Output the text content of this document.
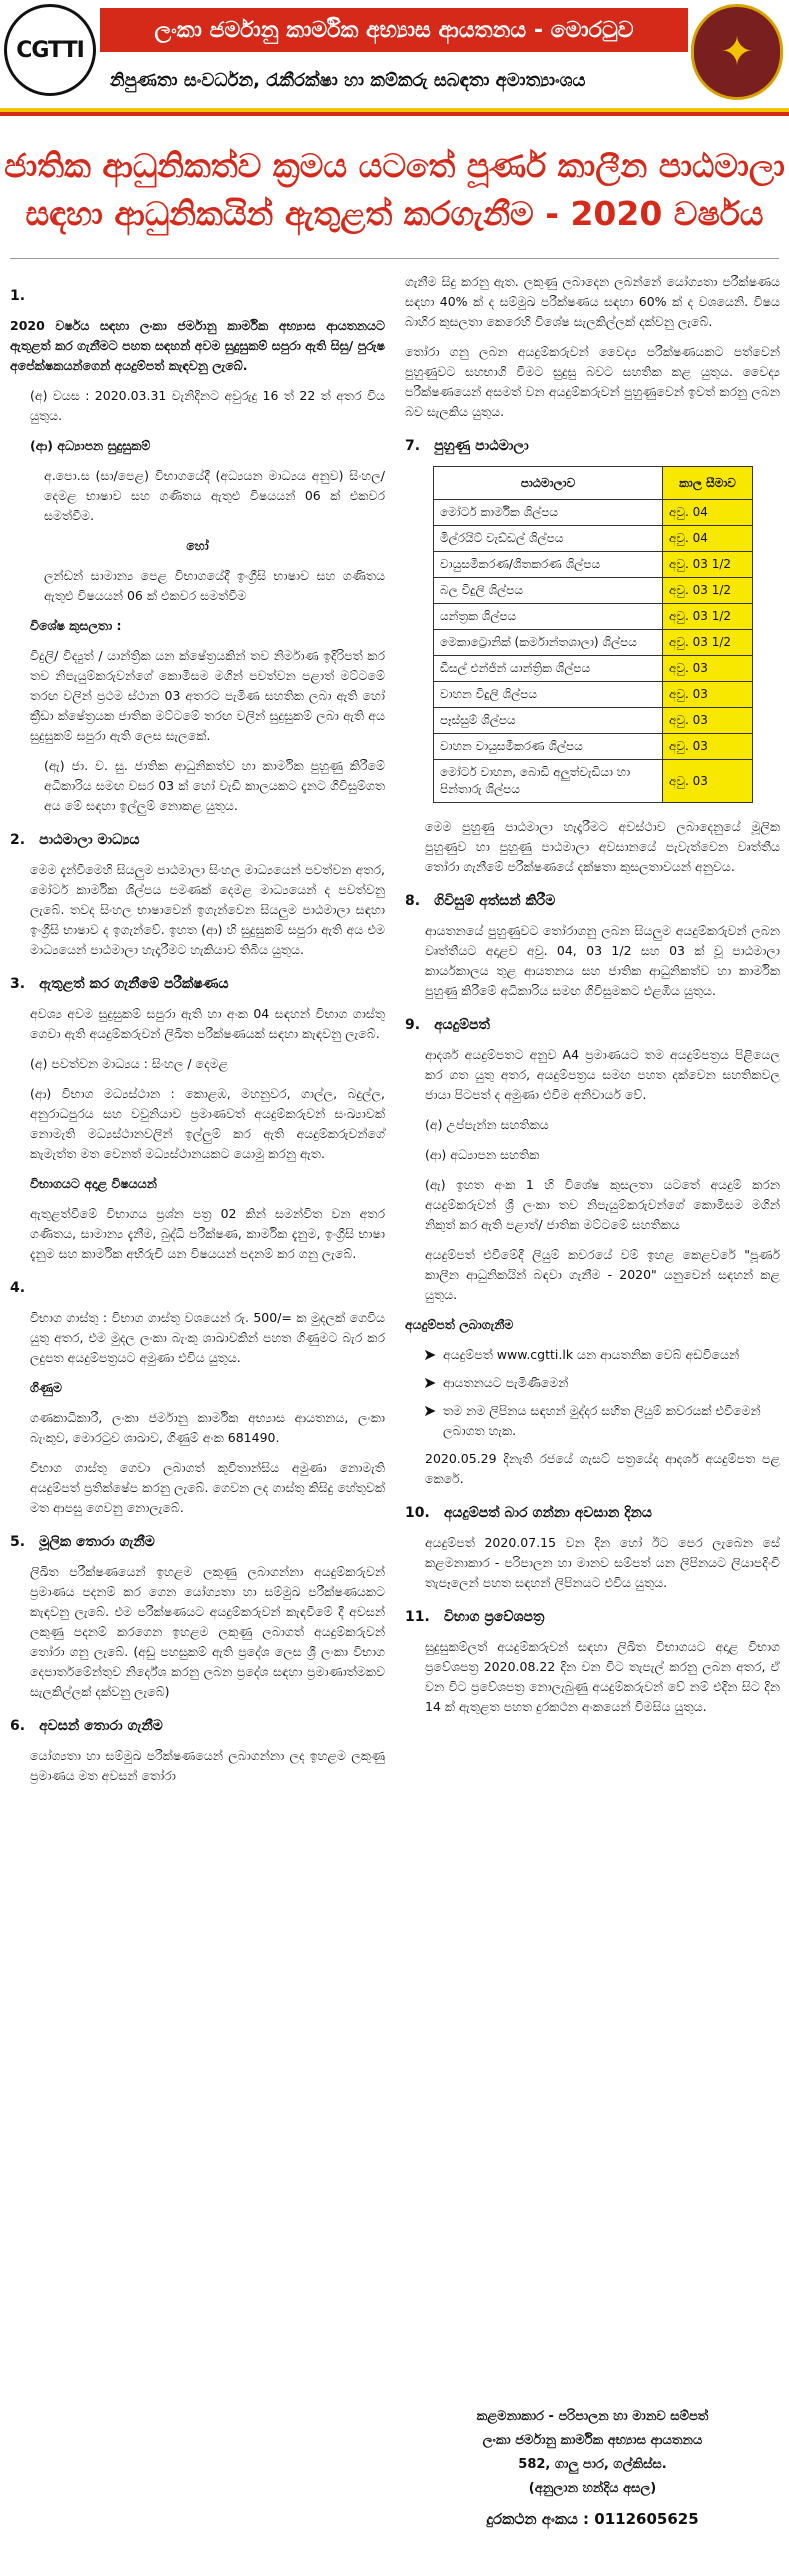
CGTTI
ලංකා ජර්මානු කාර්මික අභ්‍යාස ආයතනය - මොරටුව
නිපුණතා සංවර්ධන, රැකීරක්ෂා හා කම්කරු සබඳතා අමාත්‍යාංශය
✦
ජාතික ආධුනිකත්ව ක්‍රමය යටතේ පූර්ණ කාලීන පාඨමාලා
සඳහා ආධුනිකයින් ඇතුළත් කරගැනීම - 2020 වර්ෂය
1.

2020 වර්ෂය සඳහා ලංකා ජර්මානු කාර්මික අභ්‍යාස ආයතනයට ඇතුළත් කර ගැනීමට පහත සඳහන් අවම සුදුසුකම් සපුරා ඇති සිසු/ පුරුෂ අපේක්ෂකයන්ගෙන් අයදුම්පත් කැඳවනු ලැබේ.

(අ) වයස : 2020.03.31 වැනිදිනට අවුරුදු 16 ත් 22 ත් අතර විය යුතුය.

(ආ) අධ්‍යාපන සුදුසුකම්

අ.පො.ස (සා/පෙළ) විභාගයේදී (අධ්‍යයන මාධ්‍යය අනුව) සිංහල/ දෙමළ භාෂාව සහ ගණිතය ඇතුළු විෂයයන් 06 ක් එකවර සමත්වීම.

හෝ

ලන්ඩන් සාමාන්‍ය පෙළ විභාගයේදී ඉංග්‍රීසි භාෂාව සහ ගණිතය ඇතුළු විෂයයන් 06 ක් එකවර සමත්වීම

විශේෂ කුසලතා :

විදුලි/ විද්‍යුත් / යාන්ත්‍රික යන ක්ෂේත්‍රයකින් තව නිර්මාණ ඉදිරිපත් කර තව නිපැයුම්කරුවන්ගේ කොමිසම මගින් පවත්වන පළාත් මට්ටමේ තරඟ වලින් ප්‍රථම ස්ථාන 03 අතරට පැමිණ සහතික ලබා ඇති හෝ ක්‍රීඩා ක්ෂේත්‍රයක ජාතික මට්ටමේ තරඟ වලින් සුදුසුකම් ලබා ඇති අය සුදුසුකම් සපුරා ඇති ලෙස සැලකේ.

(ඇ) ජා. ව. සු. ජාතික ආධුනිකත්ව හා කාර්මික පුහුණු කිරීමේ අධිකාරිය සමඟ වසර 03 ක් හෝ වැඩි කාලයකට දැනට ගිවිසුම්ගත අය මේ සඳහා ඉල්ලුම් නොකළ යුතුය.

2. පාඨමාලා මාධ්‍යය

මෙම දැන්වීමෙහි සියලුම පාඨමාලා සිංහල මාධ්‍යයෙන් පවත්වන අතර, මෝටර් කාර්මික ශිල්පය පමණක් දෙමළ මාධ්‍යයෙන් ද පවත්වනු ලැබේ. තවද සිංහල භාෂාවෙන් ඉගැන්වෙන සියලුම පාඨමාලා සඳහා ඉංග්‍රීසි භාෂාව ද ඉගැන්වේ. ඉහත (ආ) හි සුදුසුකම් සපුරා ඇති අය එම මාධ්‍යයෙන් පාඨමාලා හැදෑරීමට හැකියාව තිබිය යුතුය.

3. ඇතුළත් කර ගැනීමේ පරීක්ෂණය

අවශ්‍ය අවම සුදුසුකම් සපුරා ඇති හා අංක 04 සඳහන් විභාග ගාස්තු ගෙවා ඇති අයදුම්කරුවන් ලිඛිත පරීක්ෂණයක් සඳහා කැඳවනු ලැබේ.

(අ) පවත්වන මාධ්‍යය : සිංහල / දෙමළ

(ආ) විභාග මධ්‍යස්ථාන : කොළඹ, මහනුවර, ගාල්ල, බදුල්ල, අනුරාධපුරය සහ වවුනියාව ප්‍රමාණවත් අයදුම්කරුවන් සංඛ්‍යාවක් නොමැති මධ්‍යස්ථානවලින් ඉල්ලුම් කර ඇති අයදුම්කරුවන්ගේ කැමැත්ත මත වෙනත් මධ්‍යස්ථානයකට යොමු කරනු ඇත.

විභාගයට අදාළ විෂයයන්

ඇතුළත්වීමේ විභාගය ප්‍රශ්න පත්‍ර 02 කින් සමන්විත වන අතර ගණිතය, සාමාන්‍ය දැනීම, බුද්ධි පරීක්ෂණ, කාර්මික දැනුම, ඉංග්‍රීසි භාෂා දැනුම සහ කාර්මික අභිරුචි යන විෂයයන් පදනම් කර ගනු ලැබේ.

4.

විභාග ගාස්තු : විභාග ගාස්තු වශයෙන් රු. 500/= ක මුදලක් ගෙවිය යුතු අතර, එම මුදල ලංකා බැංකු ශාඛාවකින් පහත ගිණුමට බැර කර ලදුපත අයදුම්පත්‍රයට අමුණා එවිය යුතුය.

ගිණුම

ගණකාධිකාරී, ලංකා ජර්මානු කාර්මික අභ්‍යාස ආයතනය, ලංකා බැංකුව, මොරටුව ශාඛාව, ගිණුම් අංක 681490.

විභාග ගාස්තු ගෙවා ලබාගත් කුවිතාන්සිය අමුණා නොමැති අයදුම්පත් ප්‍රතික්ෂේප කරනු ලැබේ. ගෙවන ලද ගාස්තු කිසිදු හේතුවක් මත ආපසු ගෙවනු නොලැබේ.

5. මූලික තොරා ගැනීම

ලිඛිත පරීක්ෂණයෙන් ඉහළම ලකුණු ලබාගන්නා අයදුම්කරුවන් ප්‍රමාණය පදනම් කර ගෙන යෝග්‍යතා හා සම්මුඛ පරීක්ෂණයකට කැඳවනු ලැබේ. එම පරීක්ෂණයට අයදුම්කරුවන් කැඳවීමේ දී අවසන් ලකුණු පදනම් කරගෙන ඉහළම ලකුණු ලබාගත් අයදුම්කරුවන් තෝරා ගනු ලැබේ. (අඩු පහසුකම් ඇති ප්‍රදේශ ලෙස ශ්‍රී ලංකා විභාග දෙපාර්තමේන්තුව නිර්දේශ කරනු ලබන ප්‍රදේශ සඳහා ප්‍රමාණාත්මකව සැලකිල්ලක් දක්වනු ලැබේ)

6. අවසන් තොරා ගැනීම

යෝග්‍යතා හා සම්මුඛ පරීක්ෂණයෙන් ලබාගන්නා ලද ඉහළම ලකුණු ප්‍රමාණය මත අවසන් තෝරා

ගැනීම සිදු කරනු ඇත. ලකුණු ලබාදෙන ලබන්නේ යෝග්‍යතා පරීක්ෂණය සඳහා 40% ක් ද සම්මුඛ පරීක්ෂණය සඳහා 60% ක් ද වශයෙනි. විෂය බාහිර කුසලතා කෙරෙහි විශේෂ සැලකිල්ලක් දක්වනු ලැබේ.

තෝරා ගනු ලබන අයදුම්කරුවන් වෛද්‍ය පරීක්ෂණයකට පත්වෙන් පුහුණුවට සහභාගි වීමට සුදුසු බවට සහතික කළ යුතුය. වෛද්‍ය පරීක්ෂණයෙන් අසමත් වන අයදුම්කරුවන් පුහුණුවෙන් ඉවත් කරනු ලබන බව සැලකිය යුතුය.

7. පුහුණු පාඨමාලා
පාඨමාලාව	කාල සීමාව
මෝටර් කාර්මික ශිල්පය	අවු. 04
මිල්රයිට් වැඩ්ඩල් ශිල්පය	අවු. 04
වායුසමීකරණ/ශීතකරණ ශිල්පය	අවු. 03 1/2
බල විදුලි ශිල්පය	අවු. 03 1/2
යන්ත්‍රක ශිල්පය	අවු. 03 1/2
මෙකාට්‍රොනික් (කර්මාන්තශාලා) ශිල්පය	අවු. 03 1/2
ඩීසල් එන්ජින් යාන්ත්‍රික ශිල්පය	අවු. 03
වාහන විදුලි ශිල්පය	අවු. 03
පෑස්සුම් ශිල්පය	අවු. 03
වාහන වායුසමීකරණ ශිල්පය	අවු. 03
මෝටර් වාහන, බොඩි අලුත්වැඩියා හා පින්තාරු ශිල්පය	අවු. 03

මෙම පුහුණු පාඨමාලා හැදෑරීමට අවස්ථාව ලබාදෙනුයේ මූලික පුහුණුව හා පුහුණු පාඨමාලා අවසානයේ පැවැත්වෙන වෘත්තීය තෝරා ගැනීමේ පරීක්ෂණයේ දක්ෂතා කුසලතාවයන් අනුවය.

8. ගිවිසුම් අත්සන් කිරීම

ආයතනයේ පුහුණුවට තෝරාගනු ලබන සියලුම අයදුම්කරුවන් ලබන වෘත්තීයට අදාළව අවු. 04, 03 1/2 සහ 03 ක් වූ පාඨමාලා කාර්යකාලය තුළ ආයතනය සහ ජාතික ආධුනිකත්ව හා කාර්මික පුහුණු කිරීමේ අධිකාරිය සමඟ ගිවිසුමකට එළඹිය යුතුය.

9. අයදුම්පත්

ආදර්ශ අයදුම්පතට අනුව A4 ප්‍රමාණයට තම අයදුම්පත්‍රය පිළියෙල කර ගත යුතු අතර, අයදුම්පත්‍රය සමඟ පහත දක්වෙන සහතිකවල ජායා පිටපත් ද අමුණා එවීම අනිවාර්ය වේ.

(අ) උප්පැන්න සහතිකය

(ආ) අධ්‍යාපන සහතික

(ඇ) ඉහත අංක 1 හි විශේෂ කුසලතා යටතේ අයදුම් කරන අයදුම්කරුවන් ශ්‍රී ලංකා තව නිපැයුම්කරුවන්ගේ කොමිසම මගින් නිකුත් කර ඇති පළාත්/ ජාතික මට්ටමේ සහතිකය

අයදුම්පත් එවීමේදී ලියුම් කවරයේ වම් ඉහළ කෙළවරේ "පූර්ණ කාලීන ආධුනිකයින් බඳවා ගැනීම - 2020" යනුවෙන් සඳහන් කළ යුතුය.

අයදුම්පත් ලබාගැනීම

➤ අයදුම්පත් www.cgtti.lk යන ආයතනික වෙබ් අඩවියෙන්
➤ ආයතනයට පැමිණීමෙන්
➤ තම නම ලිපිනය සඳහන් මුද්දර සහිත ලියුම් කවරයක් එවීමෙන් ලබාගත හැක.

2020.05.29 දිනැති රජයේ ගැසට් පත්‍රයේද ආදර්ශ අයදුම්පත පළ කෙරේ.

10. අයදුම්පත් බාර ගන්නා අවසාන දිනය

අයදුම්පත් 2020.07.15 වන දින හෝ ඊට පෙර ලැබෙන සේ කළමනාකාර - පරිපාලන හා මානව සම්පත් යන ලිපිනයට ලියාපදිංචි තැපෑලෙන් පහත සඳහන් ලිපිනයට එවිය යුතුය.

11. විභාග ප්‍රවේශපත්‍ර

සුදුසුකම්ලත් අයදුම්කරුවන් සඳහා ලිඛිත විභාගයට අදාළ විභාග ප්‍රවේශපත්‍ර 2020.08.22 දින වන විට තැපැල් කරනු ලබන අතර, ඒ වන විට ප්‍රවේශපත්‍ර නොලැබුණු අයදුම්කරුවන් වේ නම් එදින සිට දින 14 ක් ඇතුළත පහත දුරකථන අංකයෙන් විමසිය යුතුය.

කළමනාකාර - පරිපාලන හා මානව සම්පත්
ලංකා ජර්මානු කාර්මික අභ්‍යාස ආයතනය
582, ගාලු පාර, ගල්කිස්ස.
(අනුලාන හන්දිය අසල)
දුරකථන අංකය : 0112605625
